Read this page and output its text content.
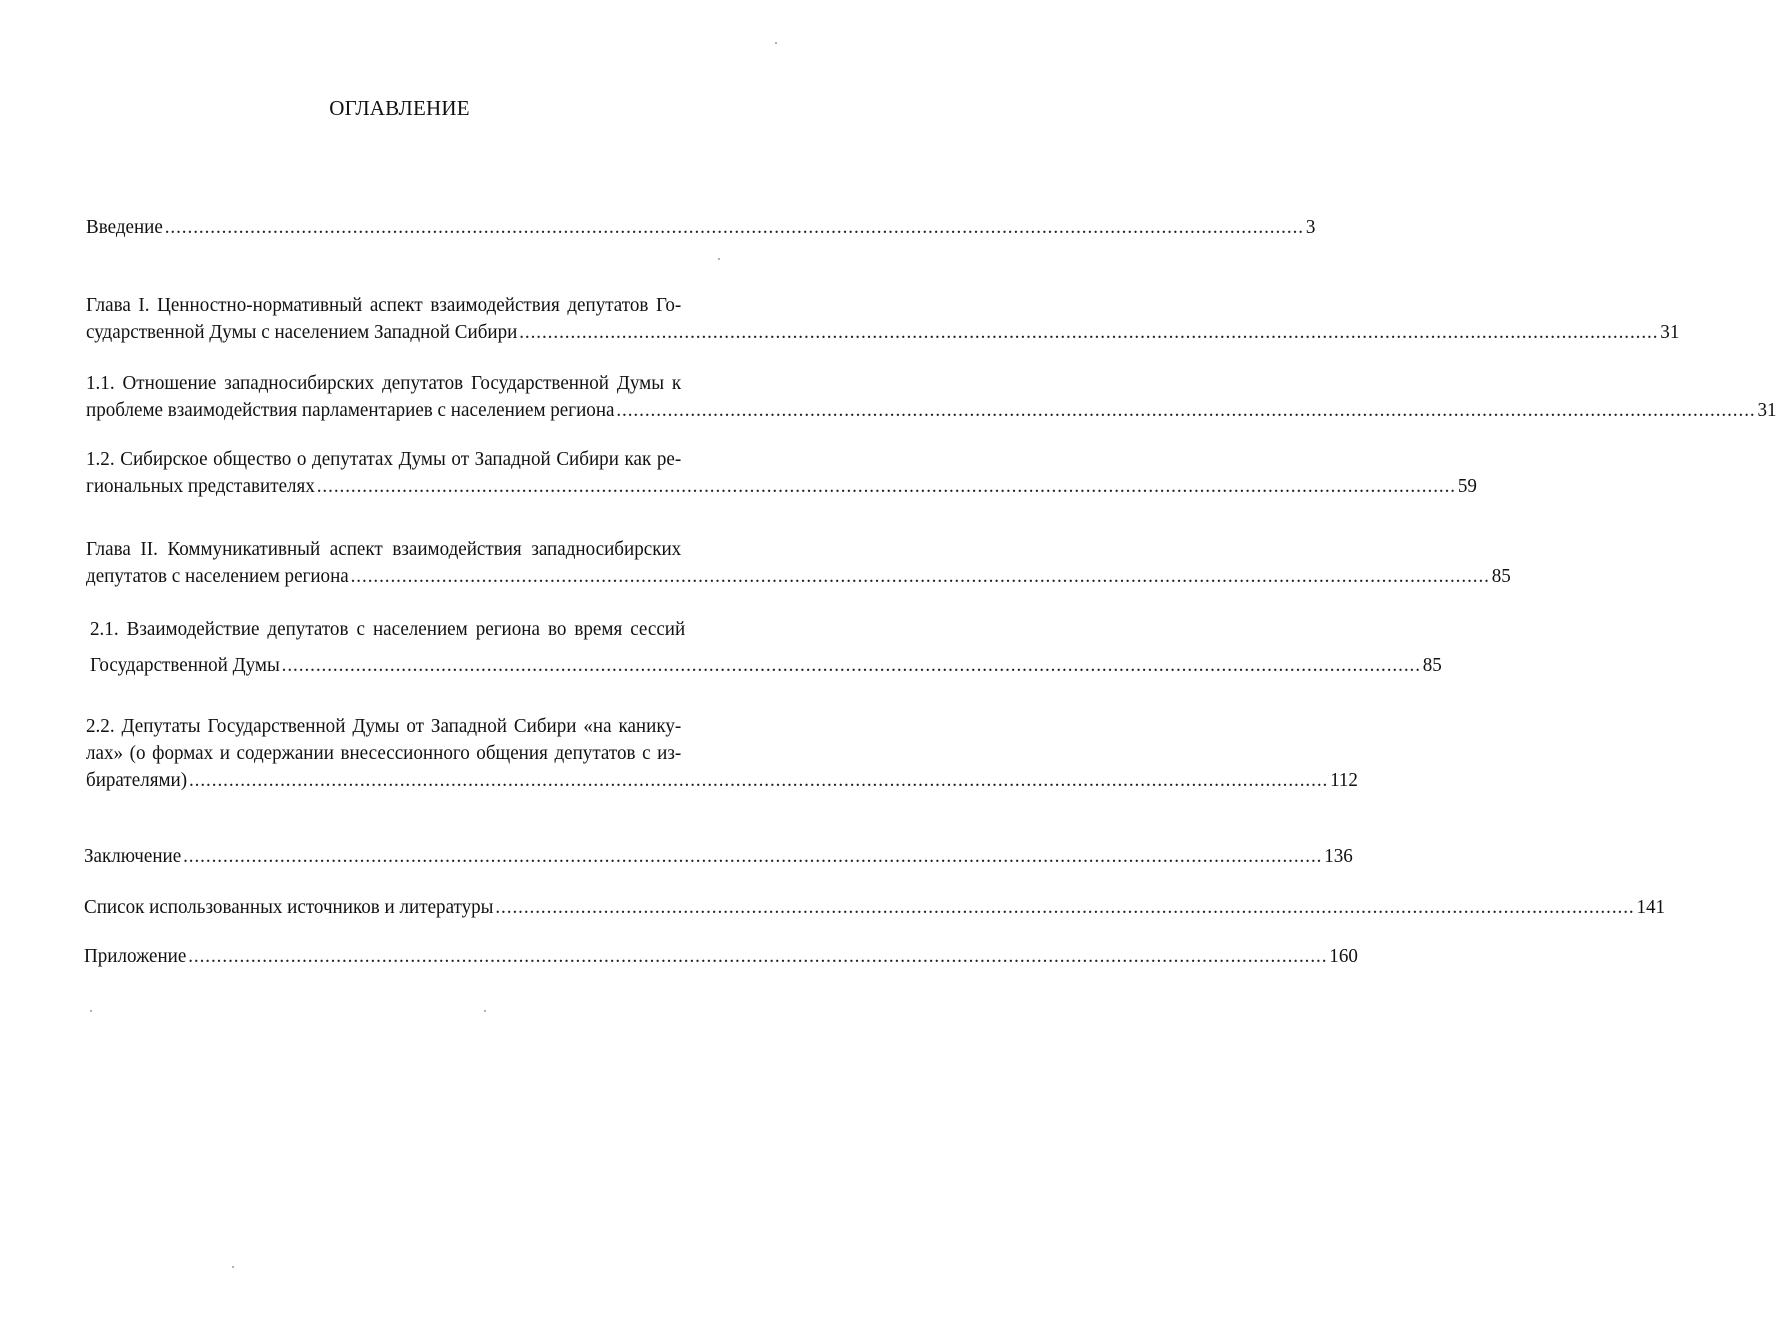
ОГЛАВЛЕНИЕ
Введение ........................................................................................................................................................................................................ 3
Глава I. Ценностно-нормативный аспект взаимодействия депутатов Го-
сударственной Думы с населением Западной Сибири ........................................................................................................................................................................................................ 31
1.1. Отношение западносибирских депутатов Государственной Думы к
проблеме взаимодействия парламентариев с населением региона ........................................................................................................................................................................................................ 31
1.2. Сибирское общество о депутатах Думы от Западной Сибири как ре-
гиональных представителях ........................................................................................................................................................................................................ 59
Глава II. Коммуникативный аспект взаимодействия западносибирских
депутатов с населением региона ........................................................................................................................................................................................................ 85
2.1. Взаимодействие депутатов с населением региона во время сессий
Государственной Думы ........................................................................................................................................................................................................ 85
2.2. Депутаты Государственной Думы от Западной Сибири «на канику-
лах» (о формах и содержании внесессионного общения депутатов с из-
бирателями) ........................................................................................................................................................................................................ 112
Заключение ........................................................................................................................................................................................................ 136
Список использованных источников и литературы ........................................................................................................................................................................................................ 141
Приложение ........................................................................................................................................................................................................ 160
